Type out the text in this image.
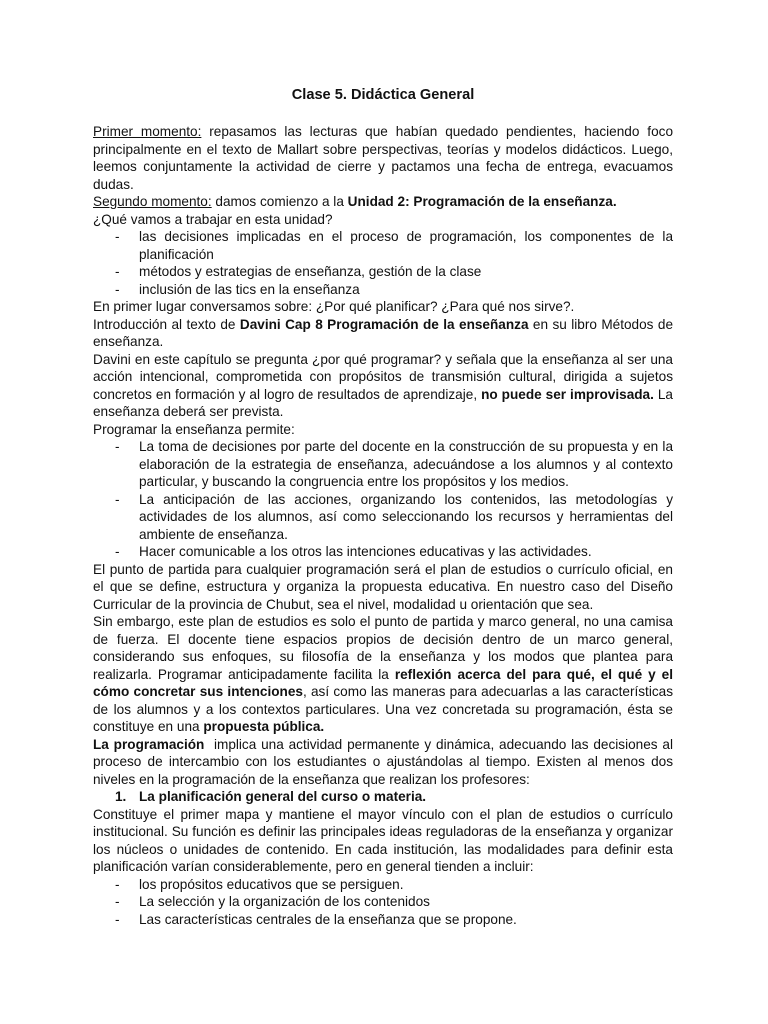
Clase 5. Didáctica General

Primer momento: repasamos las lecturas que habían quedado pendientes, haciendo foco principalmente en el texto de Mallart sobre perspectivas, teorías y modelos didácticos. Luego, leemos conjuntamente la actividad de cierre y pactamos una fecha de entrega, evacuamos dudas.

Segundo momento: damos comienzo a la Unidad 2: Programación de la enseñanza.

¿Qué vamos a trabajar en esta unidad?

- las decisiones implicadas en el proceso de programación, los componentes de la planificación
- métodos y estrategias de enseñanza, gestión de la clase
- inclusión de las tics en la enseñanza

En primer lugar conversamos sobre: ¿Por qué planificar? ¿Para qué nos sirve?.

Introducción al texto de Davini Cap 8 Programación de la enseñanza en su libro Métodos de enseñanza.

Davini en este capítulo se pregunta ¿por qué programar? y señala que la enseñanza al ser una acción intencional, comprometida con propósitos de transmisión cultural, dirigida a sujetos concretos en formación y al logro de resultados de aprendizaje, no puede ser improvisada. La enseñanza deberá ser prevista.

Programar la enseñanza permite:

- La toma de decisiones por parte del docente en la construcción de su propuesta y en la elaboración de la estrategia de enseñanza, adecuándose a los alumnos y al contexto particular, y buscando la congruencia entre los propósitos y los medios.
- La anticipación de las acciones, organizando los contenidos, las metodologías y actividades de los alumnos, así como seleccionando los recursos y herramientas del ambiente de enseñanza.
- Hacer comunicable a los otros las intenciones educativas y las actividades.

El punto de partida para cualquier programación será el plan de estudios o currículo oficial, en el que se define, estructura y organiza la propuesta educativa. En nuestro caso del Diseño Curricular de la provincia de Chubut, sea el nivel, modalidad u orientación que sea.

Sin embargo, este plan de estudios es solo el punto de partida y marco general, no una camisa de fuerza. El docente tiene espacios propios de decisión dentro de un marco general, considerando sus enfoques, su filosofía de la enseñanza y los modos que plantea para realizarla. Programar anticipadamente facilita la reflexión acerca del para qué, el qué y el cómo concretar sus intenciones, así como las maneras para adecuarlas a las características de los alumnos y a los contextos particulares. Una vez concretada su programación, ésta se constituye en una propuesta pública.

La programación  implica una actividad permanente y dinámica, adecuando las decisiones al proceso de intercambio con los estudiantes o ajustándolas al tiempo. Existen al menos dos niveles en la programación de la enseñanza que realizan los profesores:

1. La planificación general del curso o materia.

Constituye el primer mapa y mantiene el mayor vínculo con el plan de estudios o currículo institucional. Su función es definir las principales ideas reguladoras de la enseñanza y organizar los núcleos o unidades de contenido. En cada institución, las modalidades para definir esta planificación varían considerablemente, pero en general tienden a incluir:

- los propósitos educativos que se persiguen.
- La selección y la organización de los contenidos
- Las características centrales de la enseñanza que se propone.
